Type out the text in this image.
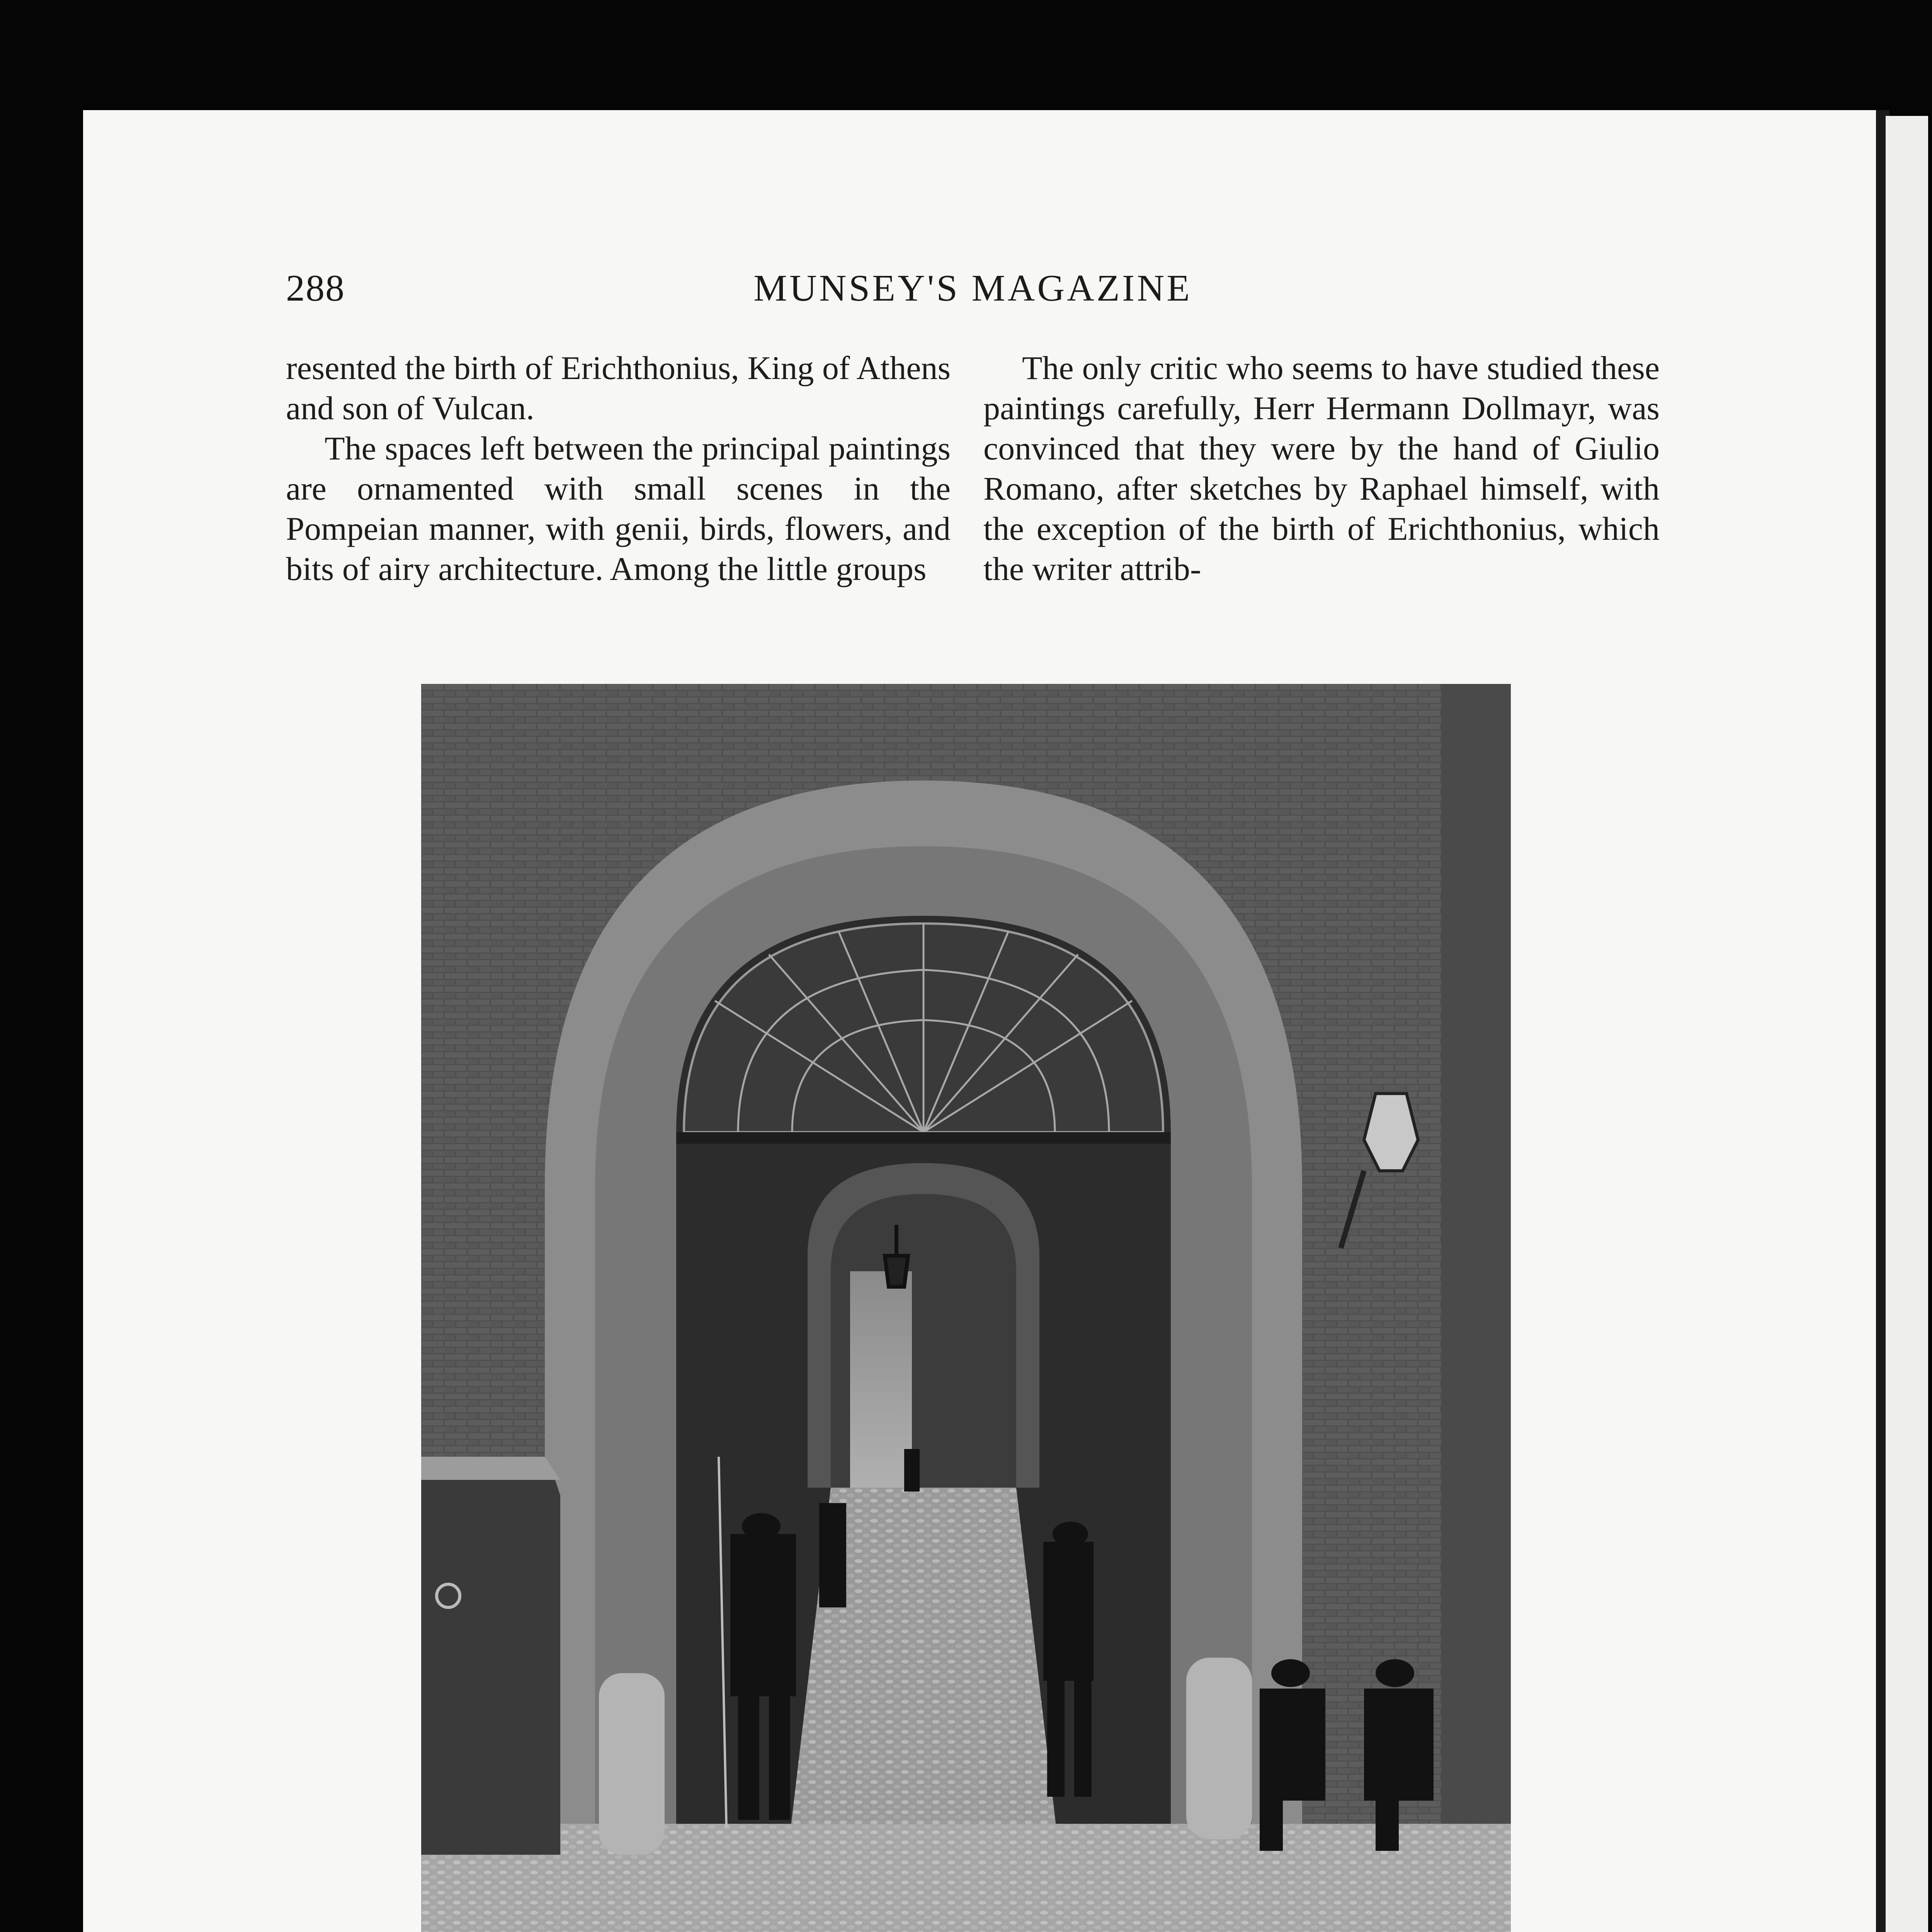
288	MUNSEY'S MAGAZINE

resented the birth of Erichthonius, King of Athens and son of Vulcan.

The spaces left between the principal paintings are ornamented with small scenes in the Pompeian manner, with genii, birds, flowers, and bits of airy architecture. Among the little groups

The only critic who seems to have studied these paintings carefully, Herr Hermann Dollmayr, was convinced that they were by the hand of Giulio Romano, after sketches by Raphael himself, with the exception of the birth of Erichthonius, which the writer attrib-
